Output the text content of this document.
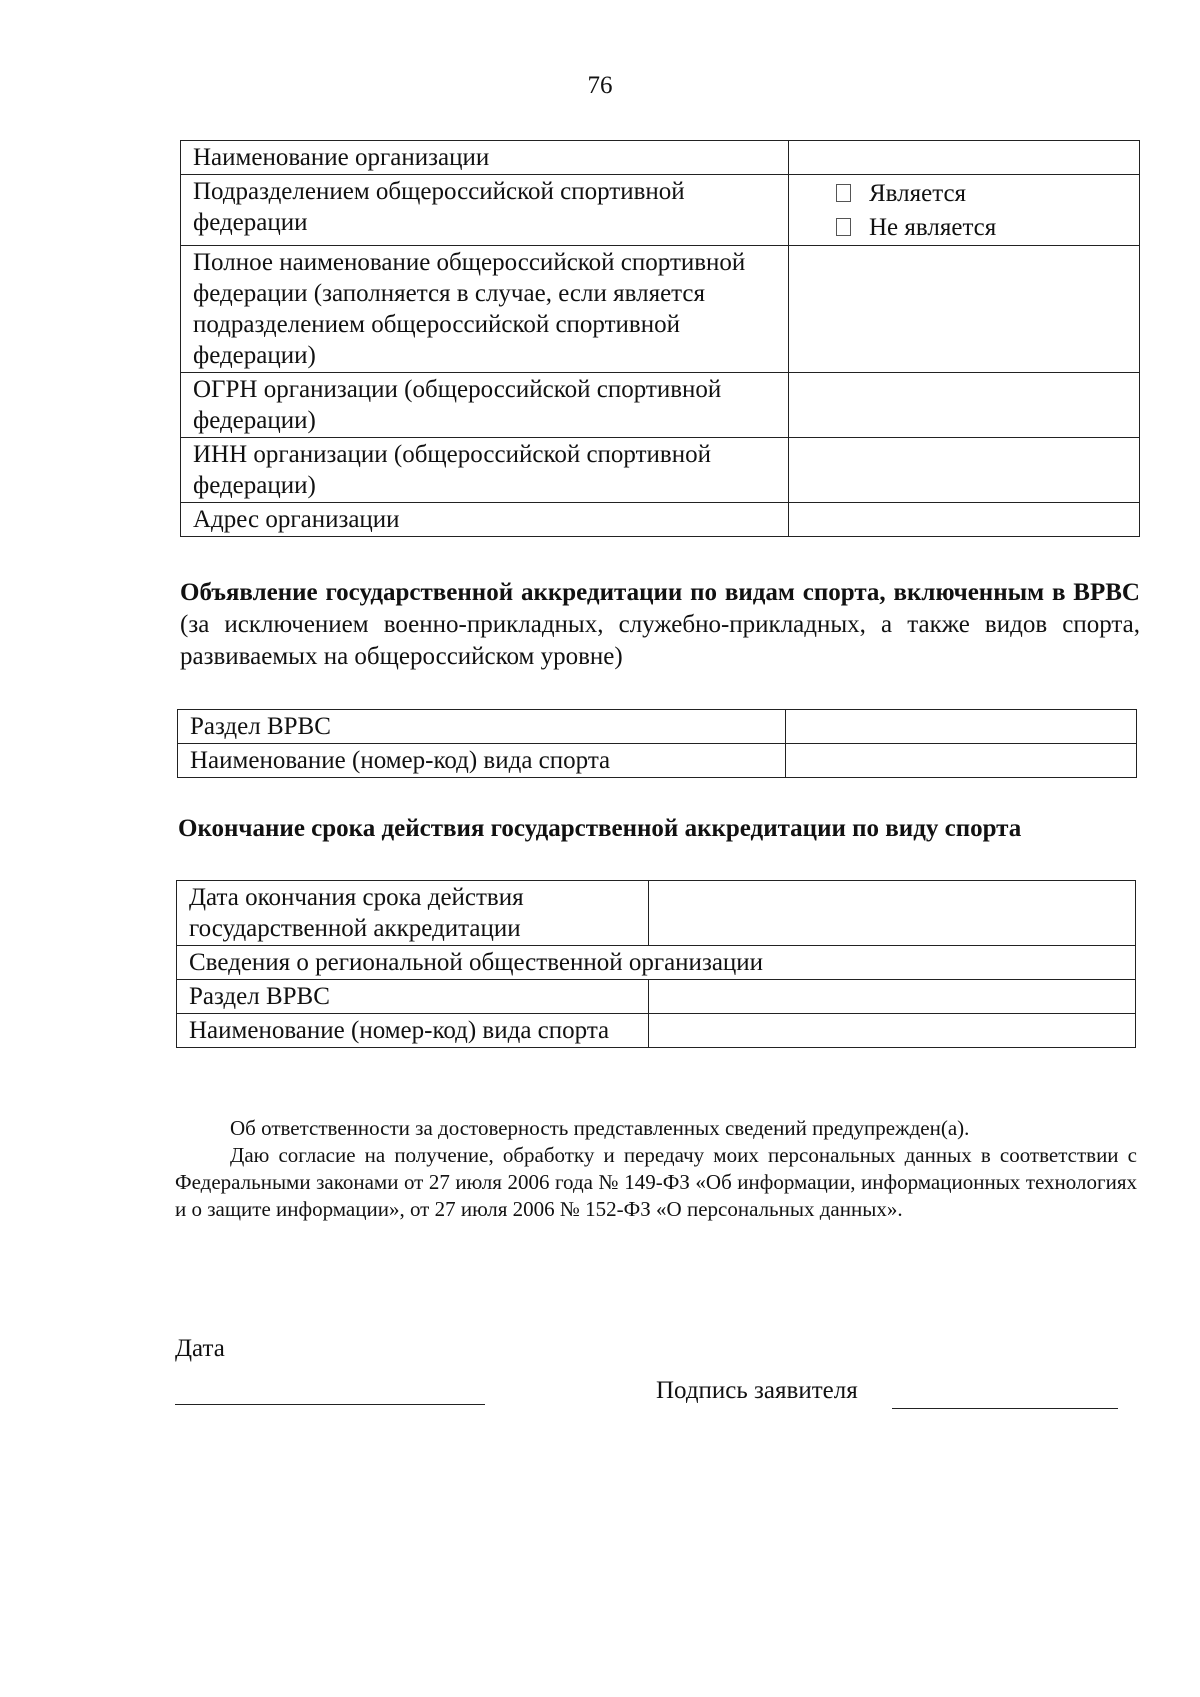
76
Наименование организации	
Подразделением общероссийской спортивной федерации	Является
Не является

Полное наименование общероссийской спортивной федерации (заполняется в случае, если является подразделением общероссийской спортивной федерации)	
ОГРН организации (общероссийской спортивной федерации)	
ИНН организации (общероссийской спортивной федерации)	
Адрес организации	
Объявление государственной аккредитации по видам спорта, включенным в ВРВС (за исключением военно-прикладных, служебно-прикладных, а также видов спорта, развиваемых на общероссийском уровне)
Раздел ВРВС	
Наименование (номер-код) вида спорта	
Окончание срока действия государственной аккредитации по виду спорта
Дата окончания срока действия государственной аккредитации	
Сведения о региональной общественной организации	
Раздел ВРВС	
Наименование (номер-код) вида спорта	

Об ответственности за достоверность представленных сведений предупрежден(а).

Даю согласие на получение, обработку и передачу моих персональных данных в соответствии с Федеральными законами от 27 июля 2006 года № 149-ФЗ «Об информации, информационных технологиях и о защите информации», от 27 июля 2006 № 152-ФЗ «О персональных данных».

Дата
Подпись заявителя
